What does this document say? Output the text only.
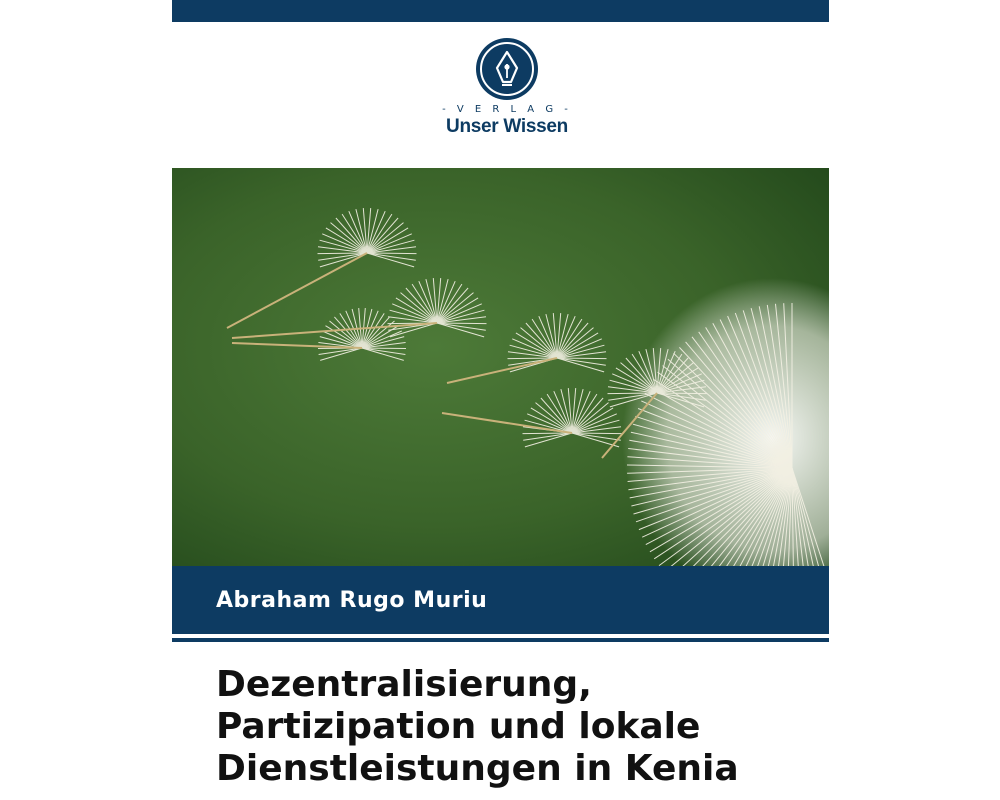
- V E R L A G -
Unser Wissen
Abraham Rugo Muriu
Dezentralisierung,
Partizipation und lokale
Dienstleistungen in Kenia
